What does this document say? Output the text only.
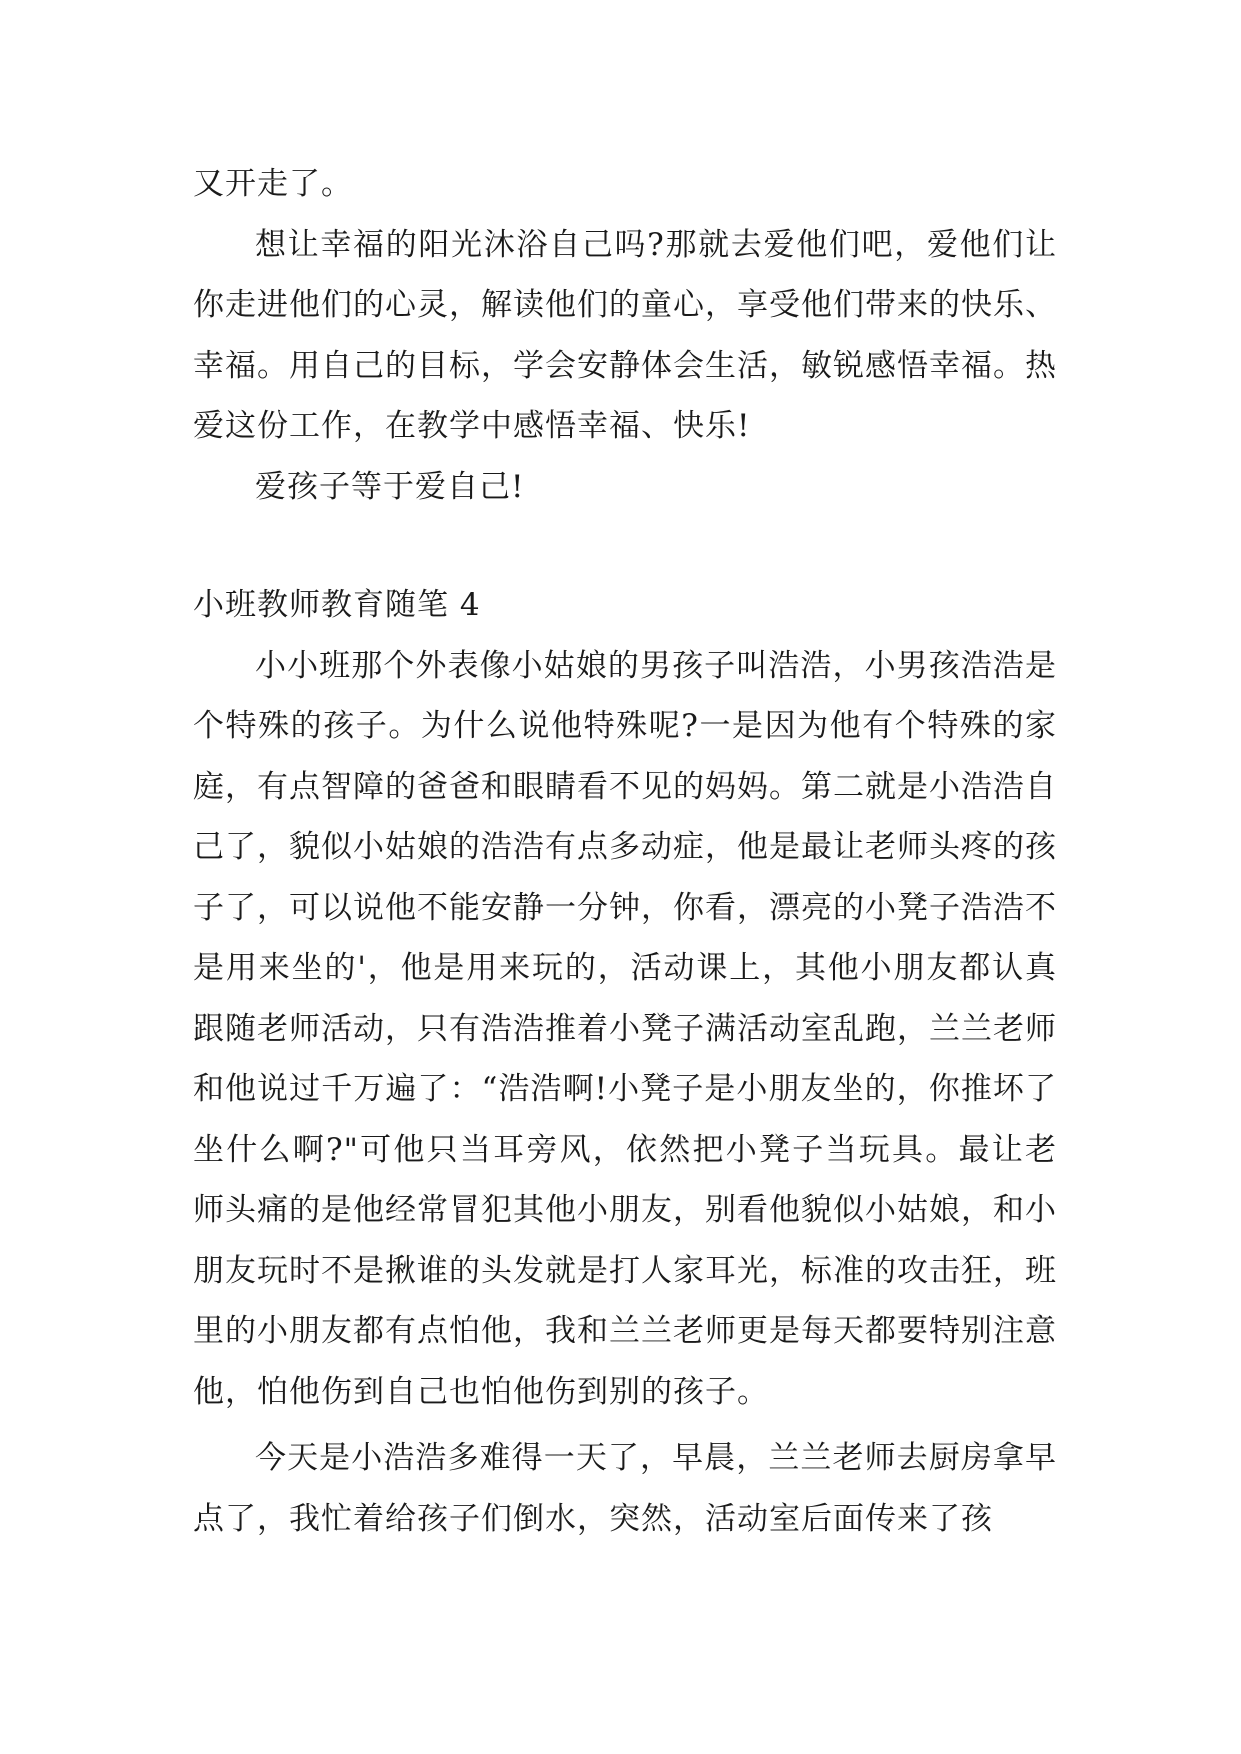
又开走了。

想让幸福的阳光沐浴自己吗?那就去爱他们吧，爱他们让你走进他们的心灵，解读他们的童心，享受他们带来的快乐、幸福。用自己的目标，学会安静体会生活，敏锐感悟幸福。热爱这份工作，在教学中感悟幸福、快乐!

爱孩子等于爱自己!

小班教师教育随笔 4

小小班那个外表像小姑娘的男孩子叫浩浩，小男孩浩浩是个特殊的孩子。为什么说他特殊呢?一是因为他有个特殊的家庭，有点智障的爸爸和眼睛看不见的妈妈。第二就是小浩浩自己了，貌似小姑娘的浩浩有点多动症，他是最让老师头疼的孩子了，可以说他不能安静一分钟，你看，漂亮的小凳子浩浩不是用来坐的'，他是用来玩的，活动课上，其他小朋友都认真跟随老师活动，只有浩浩推着小凳子满活动室乱跑，兰兰老师和他说过千万遍了：“浩浩啊!小凳子是小朋友坐的，你推坏了坐什么啊?"可他只当耳旁风，依然把小凳子当玩具。最让老师头痛的是他经常冒犯其他小朋友，别看他貌似小姑娘，和小朋友玩时不是揪谁的头发就是打人家耳光，标准的攻击狂，班里的小朋友都有点怕他，我和兰兰老师更是每天都要特别注意他，怕他伤到自己也怕他伤到别的孩子。

今天是小浩浩多难得一天了，早晨，兰兰老师去厨房拿早点了，我忙着给孩子们倒水，突然，活动室后面传来了孩
